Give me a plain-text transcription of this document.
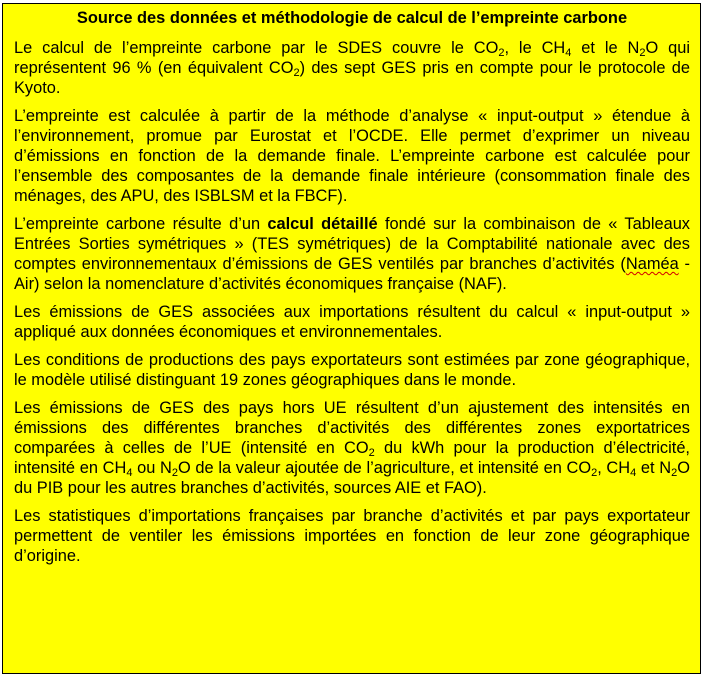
Source des données et méthodologie de calcul de l’empreinte carbone

Le calcul de l’empreinte carbone par le SDES couvre le $CO_2$, le $CH_4$ et le $N_2O$ qui représentent 96 % (en équivalent $CO_2$) des sept GES pris en compte pour le protocole de Kyoto.

L’empreinte est calculée à partir de la méthode d’analyse « input-output » étendue à l’environnement, promue par Eurostat et l’OCDE. Elle permet d’exprimer un niveau d’émissions en fonction de la demande finale. L’empreinte carbone est calculée pour l’ensemble des composantes de la demande finale intérieure (consommation finale des ménages, des APU, des ISBLSM et la FBCF).

L’empreinte carbone résulte d’un calcul détaillé fondé sur la combinaison de « Tableaux Entrées Sorties symétriques » (TES symétriques) de la Comptabilité nationale avec des comptes environnementaux d’émissions de GES ventilés par branches d’activités (Naméa - Air) selon la nomenclature d’activités économiques française (NAF).

Les émissions de GES associées aux importations résultent du calcul « input-output » appliqué aux données économiques et environnementales.

Les conditions de productions des pays exportateurs sont estimées par zone géographique, le modèle utilisé distinguant 19 zones géographiques dans le monde.

Les émissions de GES des pays hors UE résultent d’un ajustement des intensités en émissions des différentes branches d’activités des différentes zones exportatrices comparées à celles de l’UE (intensité en $CO_2$ du kWh pour la production d’électricité, intensité en $CH_4$ ou $N_2O$ de la valeur ajoutée de l’agriculture, et intensité en $CO_2$, $CH_4$ et $N_2O$ du PIB pour les autres branches d’activités, sources AIE et FAO).

Les statistiques d’importations françaises par branche d’activités et par pays exportateur permettent de ventiler les émissions importées en fonction de leur zone géographique d’origine.
